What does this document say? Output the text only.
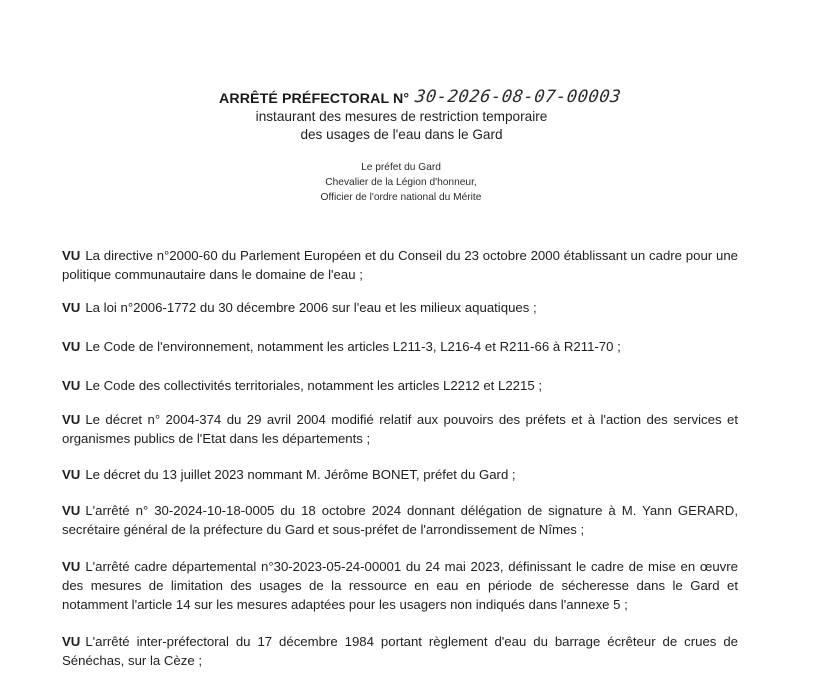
ARRÊTÉ PRÉFECTORAL N° 30-2026-08-07-00003
instaurant des mesures de restriction temporaire
des usages de l'eau dans le Gard
Le préfet du Gard
Chevalier de la Légion d'honneur,
Officier de l'ordre national du Mérite
VU La directive n°2000-60 du Parlement Européen et du Conseil du 23 octobre 2000 établissant un cadre pour une politique communautaire dans le domaine de l'eau ;
VU La loi n°2006-1772 du 30 décembre 2006 sur l'eau et les milieux aquatiques ;
VU Le Code de l'environnement, notamment les articles L211-3, L216-4 et R211-66 à R211-70 ;
VU Le Code des collectivités territoriales, notamment les articles L2212 et L2215 ;
VU Le décret n° 2004-374 du 29 avril 2004 modifié relatif aux pouvoirs des préfets et à l'action des services et organismes publics de l'Etat dans les départements ;
VU Le décret du 13 juillet 2023 nommant M. Jérôme BONET, préfet du Gard ;
VU L'arrêté n° 30-2024-10-18-0005 du 18 octobre 2024 donnant délégation de signature à M. Yann GERARD, secrétaire général de la préfecture du Gard et sous-préfet de l'arrondissement de Nîmes ;
VU L'arrêté cadre départemental n°30-2023-05-24-00001 du 24 mai 2023, définissant le cadre de mise en œuvre des mesures de limitation des usages de la ressource en eau en période de sécheresse dans le Gard et notamment l'article 14 sur les mesures adaptées pour les usagers non indiqués dans l'annexe 5 ;
VU L'arrêté inter-préfectoral du 17 décembre 1984 portant règlement d'eau du barrage écrêteur de crues de Sénéchas, sur la Cèze ;
